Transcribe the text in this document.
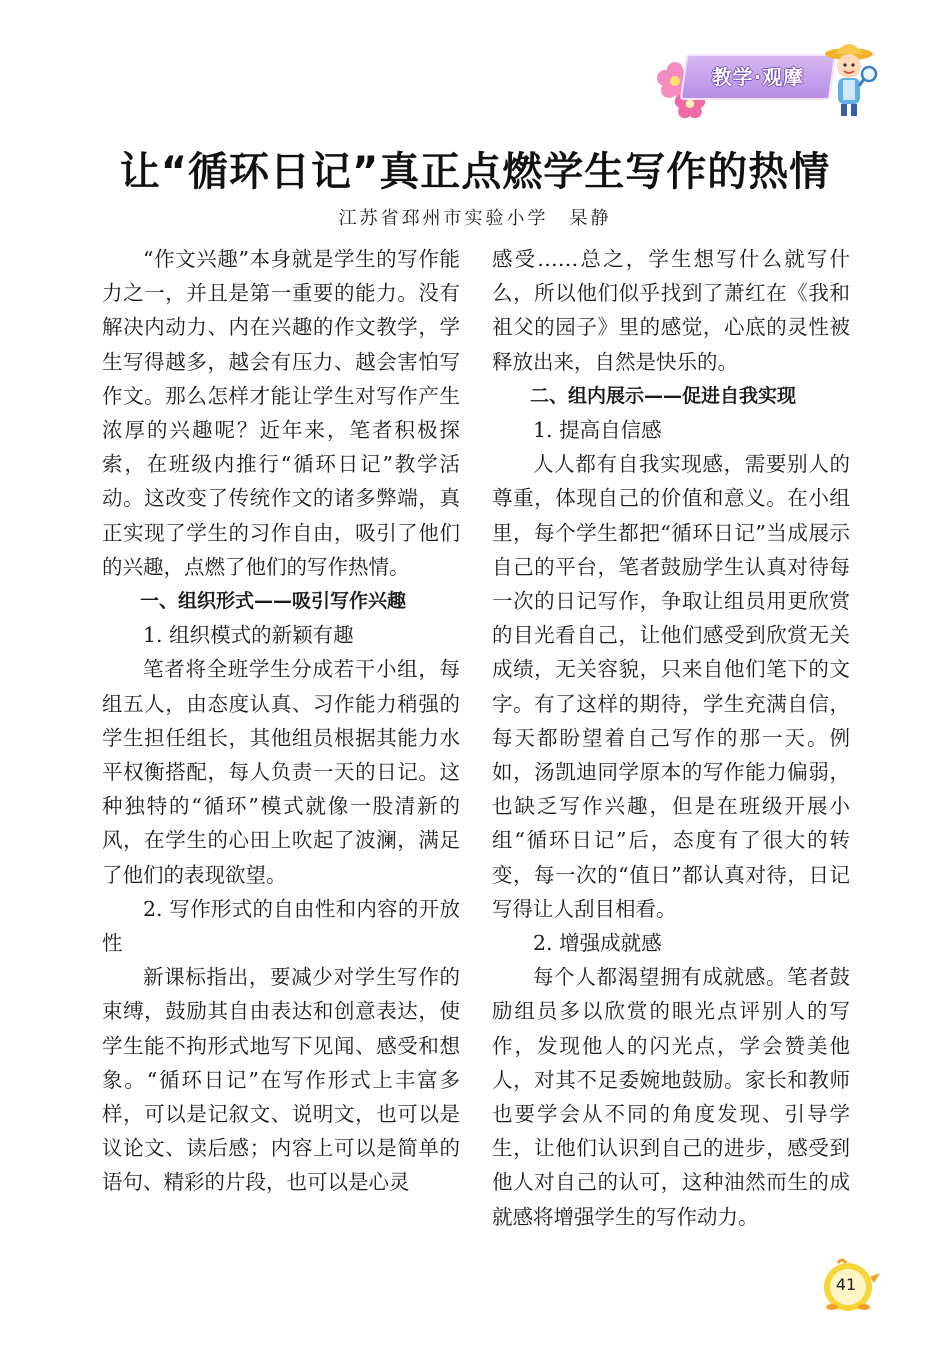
教学·观摩
让“循环日记”真正点燃学生写作的热情
江苏省邳州市实验小学　杲静

“作文兴趣”本身就是学生的写作能力之一，并且是第一重要的能力。没有解决内动力、内在兴趣的作文教学，学生写得越多，越会有压力、越会害怕写作文。那么怎样才能让学生对写作产生浓厚的兴趣呢？近年来，笔者积极探索，在班级内推行“循环日记”教学活动。这改变了传统作文的诸多弊端，真正实现了学生的习作自由，吸引了他们的兴趣，点燃了他们的写作热情。

一、组织形式——吸引写作兴趣

1. 组织模式的新颖有趣

笔者将全班学生分成若干小组，每组五人，由态度认真、习作能力稍强的学生担任组长，其他组员根据其能力水平权衡搭配，每人负责一天的日记。这种独特的“循环”模式就像一股清新的风，在学生的心田上吹起了波澜，满足了他们的表现欲望。

2. 写作形式的自由性和内容的开放性

新课标指出，要减少对学生写作的束缚，鼓励其自由表达和创意表达，使学生能不拘形式地写下见闻、感受和想象。“循环日记”在写作形式上丰富多样，可以是记叙文、说明文，也可以是议论文、读后感；内容上可以是简单的语句、精彩的片段，也可以是心灵

感受……总之，学生想写什么就写什么，所以他们似乎找到了萧红在《我和祖父的园子》里的感觉，心底的灵性被释放出来，自然是快乐的。

二、组内展示——促进自我实现

1. 提高自信感

人人都有自我实现感，需要别人的尊重，体现自己的价值和意义。在小组里，每个学生都把“循环日记”当成展示自己的平台，笔者鼓励学生认真对待每一次的日记写作，争取让组员用更欣赏的目光看自己，让他们感受到欣赏无关成绩，无关容貌，只来自他们笔下的文字。有了这样的期待，学生充满自信，每天都盼望着自己写作的那一天。例如，汤凯迪同学原本的写作能力偏弱，也缺乏写作兴趣，但是在班级开展小组“循环日记”后，态度有了很大的转变，每一次的“值日”都认真对待，日记写得让人刮目相看。

2. 增强成就感

每个人都渴望拥有成就感。笔者鼓励组员多以欣赏的眼光点评别人的写作，发现他人的闪光点，学会赞美他人，对其不足委婉地鼓励。家长和教师也要学会从不同的角度发现、引导学生，让他们认识到自己的进步，感受到他人对自己的认可，这种油然而生的成就感将增强学生的写作动力。

41
